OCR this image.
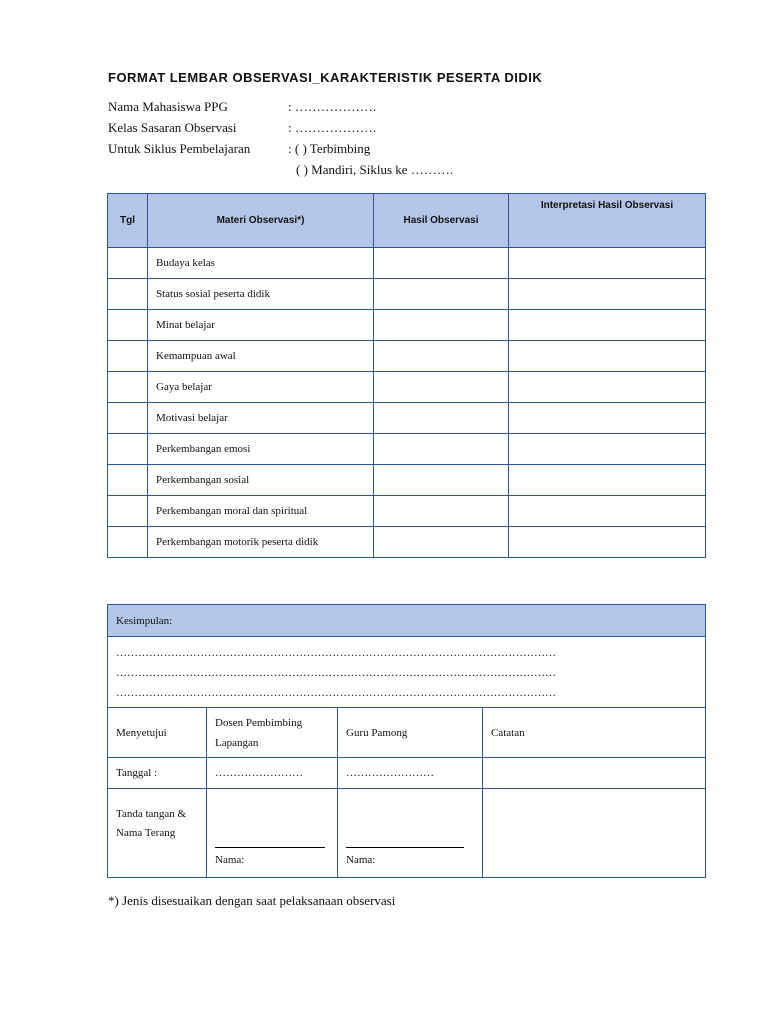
FORMAT LEMBAR OBSERVASI_KARAKTERISTIK PESERTA DIDIK
Nama Mahasiswa PPG	: ……………….
Kelas Sasaran Observasi	: ……………….
Untuk Siklus Pembelajaran	: ( ) Terbimbing
( ) Mandiri, Siklus ke ……….
Tgl	Materi Observasi*)	Hasil Observasi	Interpretasi Hasil Observasi
	Budaya kelas		
	Status sosial peserta didik		
	Minat belajar		
	Kemampuan awal		
	Gaya belajar		
	Motivasi belajar		
	Perkembangan emosi		
	Perkembangan sosial		
	Perkembangan moral dan spiritual		
	Perkembangan motorik peserta didik		
Kesimpulan:			

…………………………………………………………………………………………………………
…………………………………………………………………………………………………………
…………………………………………………………………………………………………………			

Menyetujui	Dosen Pembimbing Lapangan	Guru Pamong	Catatan
Tanggal :	……………………	……………………	

Tanda tangan & Nama Terang	Nama:	Nama:	

*) Jenis disesuaikan dengan saat pelaksanaan observasi
